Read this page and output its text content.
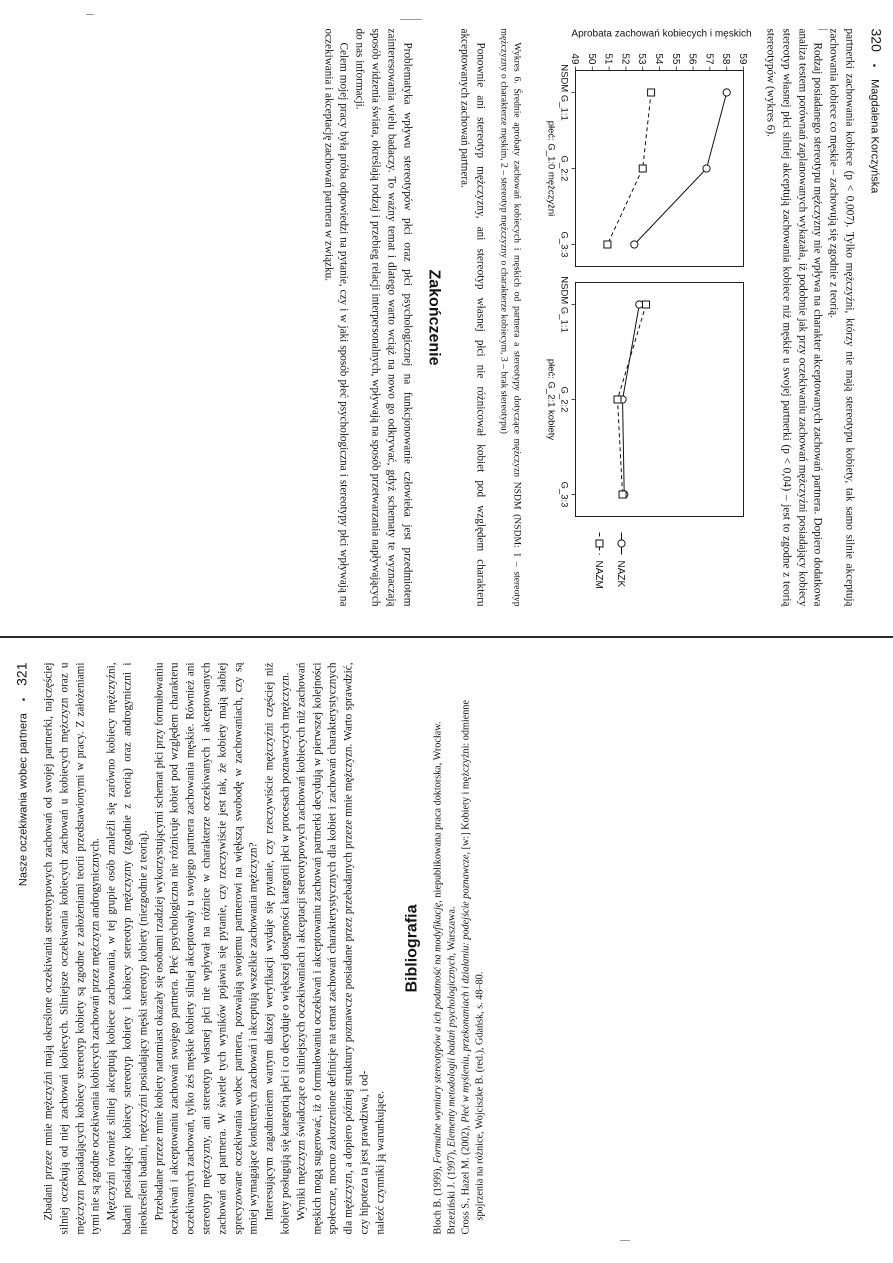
320
▪
Magdalena Korczyńska

partnerki zachowania kobiece (p < 0,007). Tylko mężczyźni, którzy nie mają stereotypu kobiety, tak samo silnie akceptują zachowania kobiece co męskie – zachowują się zgodnie z teorią.

Rodzaj posiadanego stereotypu mężczyzny nie wpływa na charakter akceptowanych zachowań partnera. Dopiero dodatkowa analiza testem porównań zaplanowanych wykazała, iż podobnie jak przy oczekiwaniu zachowań mężczyźni posiadający kobiecy stereotyp własnej płci silniej akceptują zachowania kobiece niż męskie u swojej partnerki (p < 0,04) – jest to zgodne z teorią stereotypów (wykres 6).

Aprobata zachowań kobiecych i męskich
49 50 51 52 53 54 55 56 57 58 59
NSDM G_1:1
G_2:2
G_3:3
płeć: G_1:0 mężczyźni
NSDM G_1:1
G_2:2
G_3:3
płeć: G_2:1 kobiety
NAZK
NAZM

Wykres 6. Średnie aprobaty zachowań kobiecych i męskich od partnera a stereotypy dotyczące mężczyzn NSDM (NSDM: 1 – stereotyp mężczyzny o charakterze męskim, 2 – stereotyp mężczyzny o charakterze kobiecym, 3 – brak stereotypu)

Ponownie ani stereotyp mężczyzny, ani stereotyp własnej płci nie różnicował kobiet pod względem charakteru akceptowanych zachowań partnera.

Zakończenie

Problematyka wpływu stereotypów płci oraz płci psychologicznej na funkcjonowanie człowieka jest przedmiotem zainteresowania wielu badaczy. To ważny temat i dlatego warto wciąż na nowo go odkrywać, gdyż schematy te wyznaczają sposób widzenia świata, określają rodzaj i przebieg relacji interpersonalnych, wpływają na sposób przetwarzania napływających do nas informacji.

Celem mojej pracy była próba odpowiedzi na pytanie, czy i w jaki sposób płeć psychologiczna i stereotypy płci wpływają na oczekiwania i akceptację zachowań partnera w związku.

Nasze oczekiwania wobec partnera
▪
321 Zbadani przeze mnie mężczyźni mają określone oczekiwania stereotypowych zachowań od swojej partnerki, najczęściej silniej oczekują od niej zachowań kobiecych. Silniejsze oczekiwania kobiecych zachowań u kobiecych mężczyzn oraz u mężczyzn posiadających kobiecy stereotyp kobiety są zgodne z założeniami teorii przedstawionymi w pracy. Z założeniami tymi nie są zgodne oczekiwania kobiecych zachowań przez mężczyzn androgynicznych. Mężczyźni również silniej akceptują kobiece zachowania, w tej grupie osób znaleźli się zarówno kobiecy mężczyźni, badani posiadający kobiecy stereotyp kobiety i kobiecy stereotyp mężczyzny (zgodnie z teorią) oraz androgyniczni i nieokreśleni badani, mężczyźni posiadający męski stereotyp kobiety (niezgodnie z teorią). Przebadane przeze mnie kobiety natomiast okazały się osobami rzadziej wykorzystującymi schemat płci przy formułowaniu oczekiwań i akceptowaniu zachowań swojego partnera. Płeć psychologiczna nie różnicuje kobiet pod względem charakteru oczekiwanych zachowań, tylko żeś męskie kobiety silniej akceptowały u swojego partnera zachowania męskie. Również ani stereotyp mężczyzny, ani stereotyp własnej płci nie wpływał na różnice w charakterze oczekiwanych i akceptowanych zachowań od partnera. W świetle tych wyników pojawia się pytanie, czy rzeczywiście jest tak, że kobiety mają słabiej sprecyzowane oczekiwania wobec partnera, pozwalają swojemu partnerowi na większą swobodę w zachowaniach, czy są mniej wymagające konkretnych zachowań i akceptują wszelkie zachowania mężczyzn? Interesującym zagadnieniem wartym dalszej weryfikacji wydaje się pytanie, czy rzeczywiście mężczyźni częściej niż kobiety posługują się kategorią płci i co decyduje o większej dostępności kategorii płci w procesach poznawczych mężczyzn. Wyniki mężczyzn świadczące o silniejszych oczekiwaniach i akceptacji stereotypowych zachowań kobiecych niż zachowań męskich mogą sugerować, iż o formułowaniu oczekiwań i akceptowaniu zachowań partnerki decydują w pierwszej kolejności społeczne, mocno zakorzenione definicje na temat zachowań charakterystycznych dla kobiet i zachowań charakterystycznych dla mężczyzn, a dopiero później struktury poznawcze posiadane przez przebadanych przeze mnie mężczyzn. Warto sprawdzić, czy hipoteza ta jest prawdziwa, i od- należć czynniki ją warunkujące.

Bibliografia

Bloch B. (1999), Formalne wymiary stereotypów a ich podatność na modyfikację, niepublikowana praca doktorska, Wrocław.

Brzeziński J. (1997), Elementy metodologii badań psychologicznych, Warszawa.

Cross S., Hazel M. (2002), Płeć w myśleniu, przekonaniach i działaniu: podejście poznawcze, [w:] Kobiety i mężczyźni: odmienne spojrzenia na różnice, Wojciszke B. (red.), Gdańsk, s. 48–80.
